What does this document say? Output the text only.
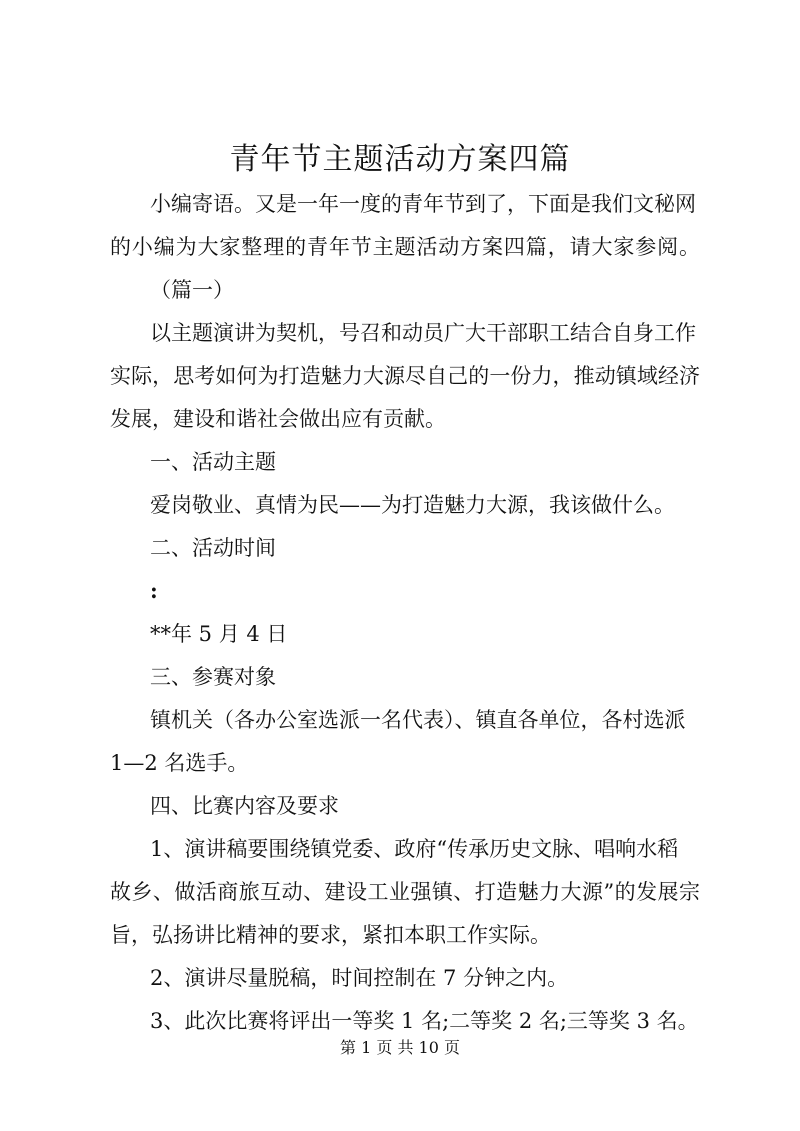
青年节主题活动方案四篇

小编寄语。又是一年一度的青年节到了，下面是我们文秘网

的小编为大家整理的青年节主题活动方案四篇，请大家参阅。

（篇一）

以主题演讲为契机，号召和动员广大干部职工结合自身工作

实际，思考如何为打造魅力大源尽自己的一份力，推动镇域经济

发展，建设和谐社会做出应有贡献。

一、活动主题

爱岗敬业、真情为民——为打造魅力大源，我该做什么。

二、活动时间

:

**年 5 月 4 日

三、参赛对象

镇机关（各办公室选派一名代表）、镇直各单位，各村选派

1—2 名选手。

四、比赛内容及要求

1、演讲稿要围绕镇党委、政府“传承历史文脉、唱响水稻

故乡、做活商旅互动、建设工业强镇、打造魅力大源”的发展宗

旨，弘扬讲比精神的要求，紧扣本职工作实际。

2、演讲尽量脱稿，时间控制在 7 分钟之内。

3、此次比赛将评出一等奖 1 名;二等奖 2 名;三等奖 3 名。

第 1 页 共 10 页
